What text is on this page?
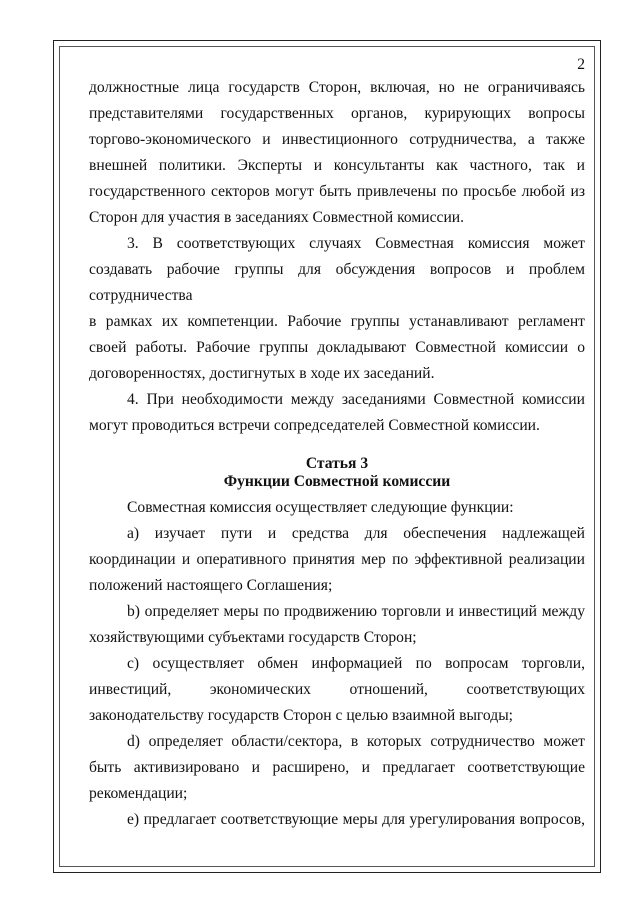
2

должностные лица государств Сторон, включая, но не ограничиваясь представителями государственных органов, курирующих вопросы торгово-экономического и инвестиционного сотрудничества, а также внешней политики. Эксперты и консультанты как частного, так и государственного секторов могут быть привлечены по просьбе любой из Сторон для участия в заседаниях Совместной комиссии.

3. В соответствующих случаях Совместная комиссия может создавать рабочие группы для обсуждения вопросов и проблем сотрудничества

в рамках их компетенции. Рабочие группы устанавливают регламент своей работы. Рабочие группы докладывают Совместной комиссии о договоренностях, достигнутых в ходе их заседаний.

4. При необходимости между заседаниями Совместной комиссии могут проводиться встречи сопредседателей Совместной комиссии.

Статья 3
Функции Совместной комиссии

Совместная комиссия осуществляет следующие функции:

a) изучает пути и средства для обеспечения надлежащей координации и оперативного принятия мер по эффективной реализации положений настоящего Соглашения;

b) определяет меры по продвижению торговли и инвестиций между хозяйствующими субъектами государств Сторон;

c) осуществляет обмен информацией по вопросам торговли, инвестиций, экономических отношений, соответствующих законодательству государств Сторон с целью взаимной выгоды;

d) определяет области/сектора, в которых сотрудничество может быть активизировано и расширено, и предлагает соответствующие рекомендации;

e) предлагает соответствующие меры для урегулирования вопросов,
